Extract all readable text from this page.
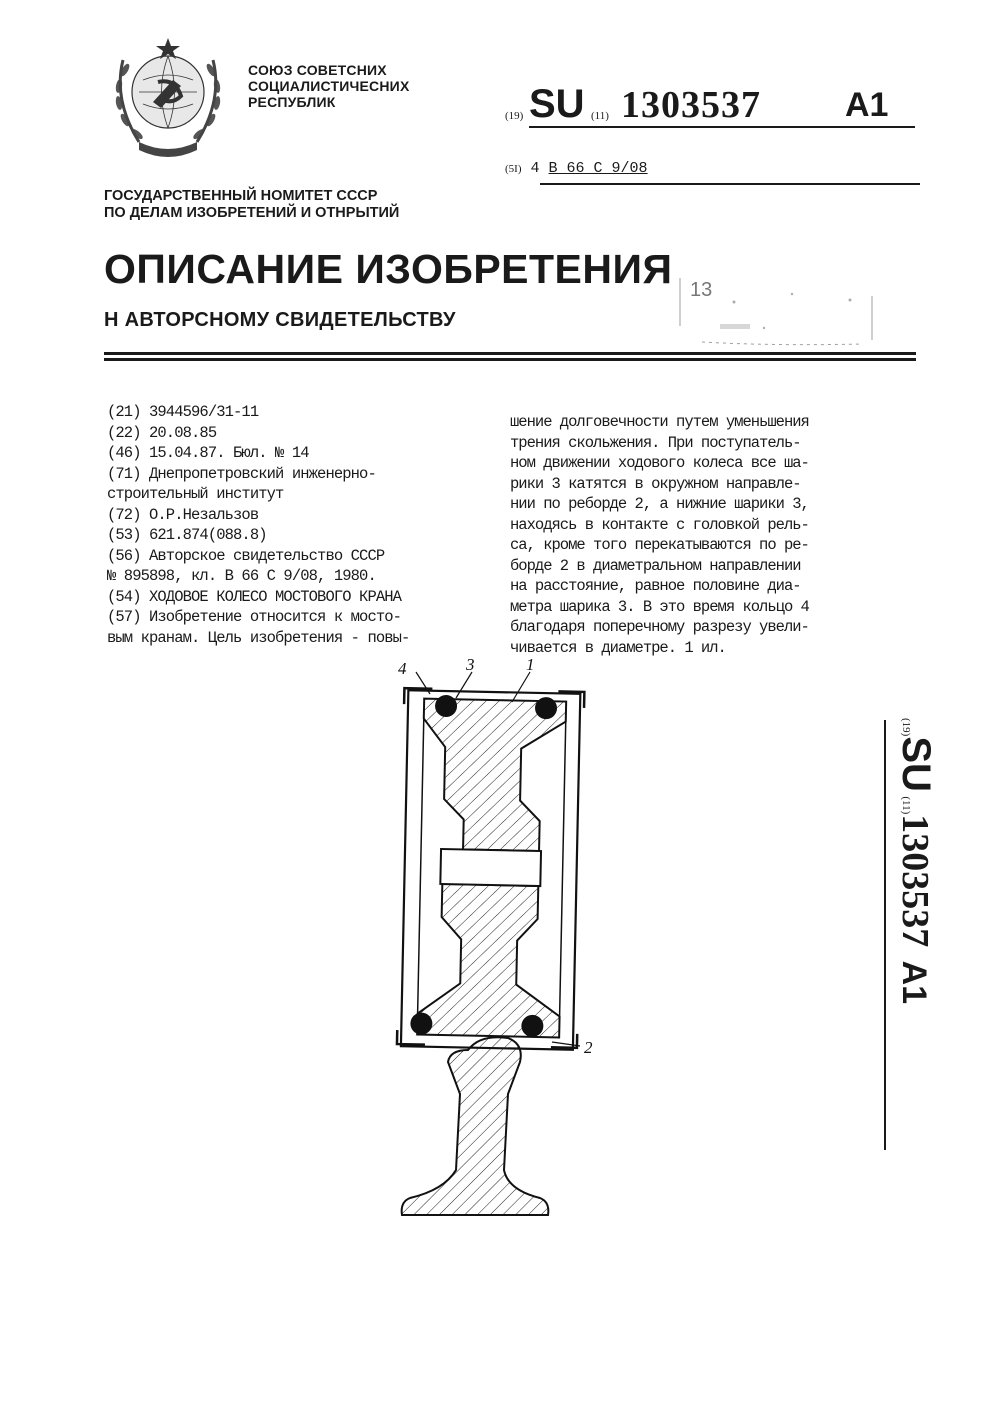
СОЮЗ СОВЕТСНИХ
СОЦИАЛИСТИЧЕСНИХ
РЕСПУБЛИК
ГОСУДАРСТВЕННЫЙ НОМИТЕТ СССР
ПО ДЕЛАМ ИЗОБРЕТЕНИЙ И ОТНРЫТИЙ
(19) SU (11) 1303537 A1
(5I) 4 B 66 C 9/08
ОПИСАНИЕ ИЗОБРЕТЕНИЯ
Н АВТОРСНОМУ СВИДЕТЕЛЬСТВУ
13
(21) 3944596/31-11
(22) 20.08.85
(46) 15.04.87. Бюл. № 14
(71) Днепропетровский инженерно-
строительный институт
(72) О.Р.Незальзов
(53) 621.874(088.8)
(56) Авторское свидетельство СССР
№ 895898, кл. B 66 C 9/08, 1980.
(54) ХОДОВОЕ КОЛЕСО МОСТОВОГО КРАНА
(57) Изобретение относится к мосто-
вым кранам. Цель изобретения - повы-
шение долговечности путем уменьшения
трения скольжения. При поступатель-
ном движении ходового колеса все ша-
рики 3 катятся в окружном направле-
нии по реборде 2, а нижние шарики 3,
находясь в контакте с головкой рель-
са, кроме того перекатываются по ре-
борде 2 в диаметральном направлении
на расстояние, равное половине диа-
метра шарика 3. В это время кольцо 4
благодаря поперечному разрезу увели-
чивается в диаметре. 1 ил.
4	3	1
2
(19)SU (11)1303537   A1
